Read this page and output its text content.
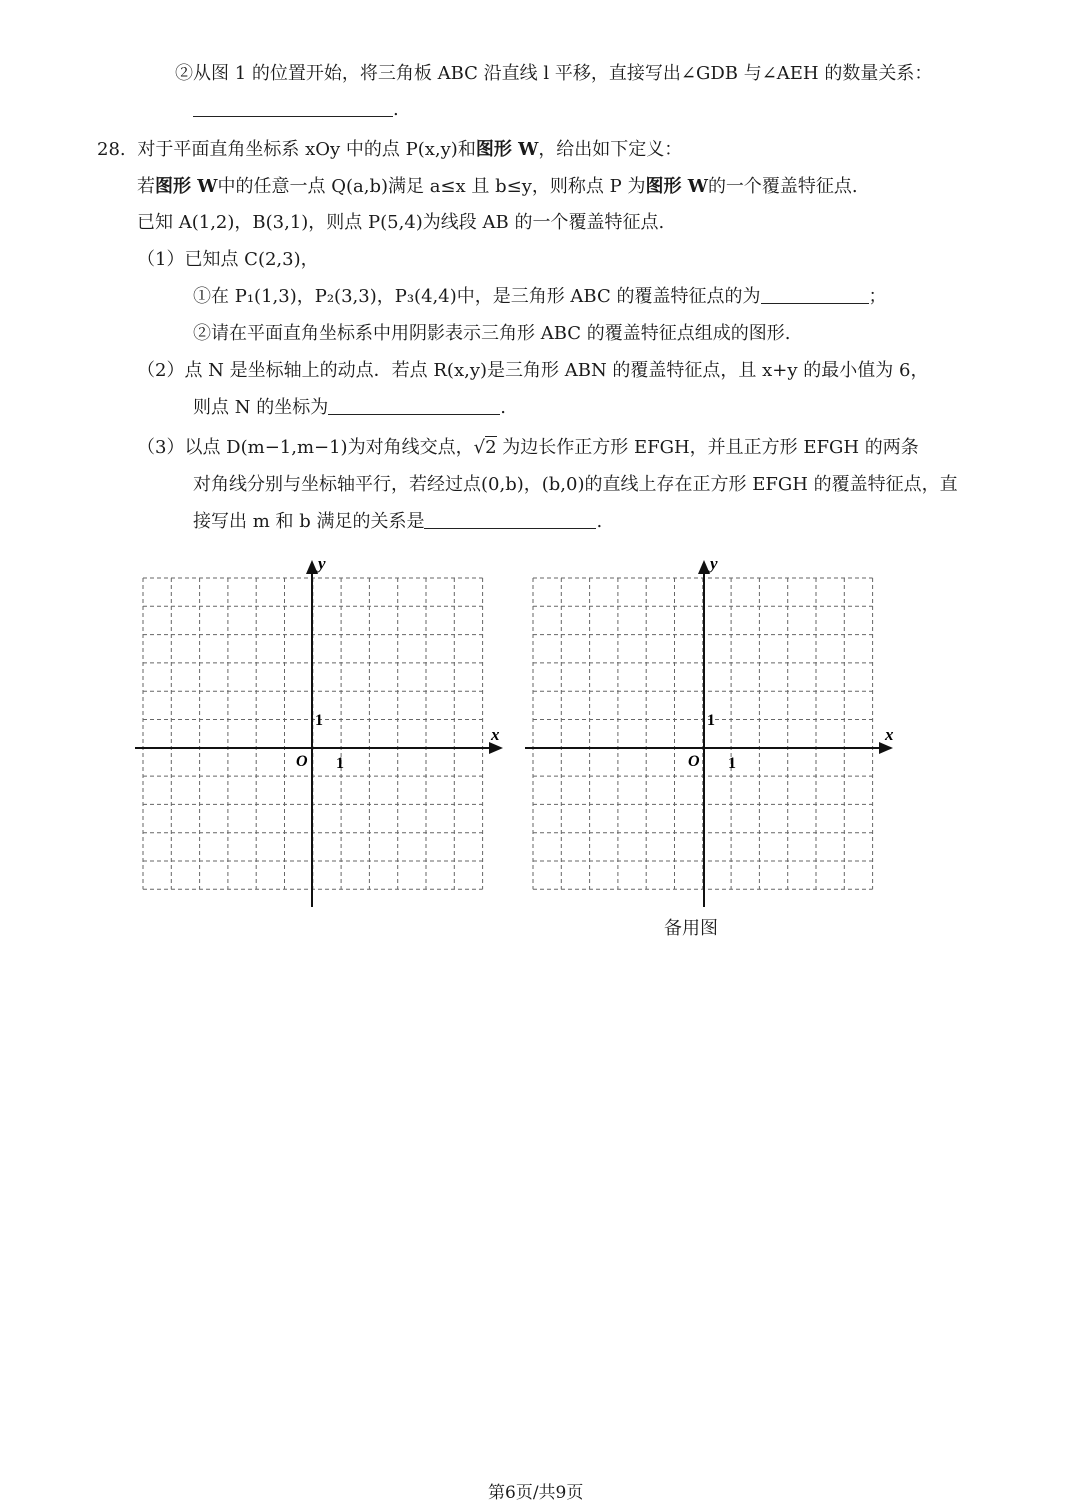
②从图 1 的位置开始，将三角板 ABC 沿直线 l 平移，直接写出∠GDB 与∠AEH 的数量关系：
.
28. 对于平面直角坐标系 xOy 中的点 P(x,y)和图形 W，给出如下定义：
若图形 W中的任意一点 Q(a,b)满足 a≤x 且 b≤y，则称点 P 为图形 W的一个覆盖特征点.
已知 A(1,2)，B(3,1)，则点 P(5,4)为线段 AB 的一个覆盖特征点.
（1）已知点 C(2,3)，
①在 P₁(1,3)，P₂(3,3)，P₃(4,4)中，是三角形 ABC 的覆盖特征点的为	；
②请在平面直角坐标系中用阴影表示三角形 ABC 的覆盖特征点组成的图形.
（2）点 N 是坐标轴上的动点．若点 R(x,y)是三角形 ABN 的覆盖特征点，且 x+y 的最小值为 6，
则点 N 的坐标为	.
（3）以点 D(m−1,m−1)为对角线交点，√2 为边长作正方形 EFGH，并且正方形 EFGH 的两条
对角线分别与坐标轴平行，若经过点(0,b)，(b,0)的直线上存在正方形 EFGH 的覆盖特征点，直
接写出 m 和 b 满足的关系是	.
x
y
O 1
1
x
y
O 1
1
备用图
第6页/共9页
